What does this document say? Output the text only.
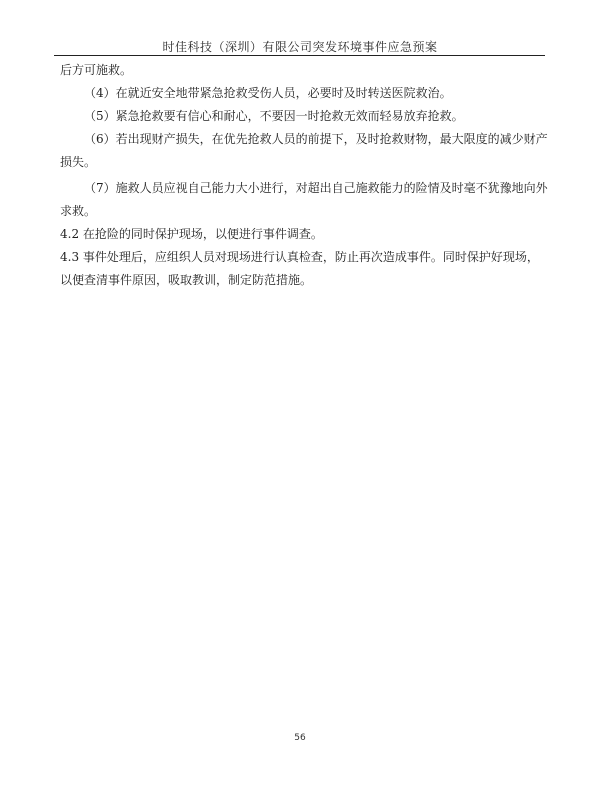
时佳科技（深圳）有限公司突发环境事件应急预案
后方可施救。
（4）在就近安全地带紧急抢救受伤人员，必要时及时转送医院救治。
（5）紧急抢救要有信心和耐心，不要因一时抢救无效而轻易放弃抢救。
（6）若出现财产损失，在优先抢救人员的前提下，及时抢救财物，最大限度的减少财产
损失。
（7）施救人员应视自己能力大小进行，对超出自己施救能力的险情及时毫不犹豫地向外
求救。
4.2 在抢险的同时保护现场，以便进行事件调查。
4.3 事件处理后，应组织人员对现场进行认真检查，防止再次造成事件。同时保护好现场，
以便查清事件原因，吸取教训，制定防范措施。
56
